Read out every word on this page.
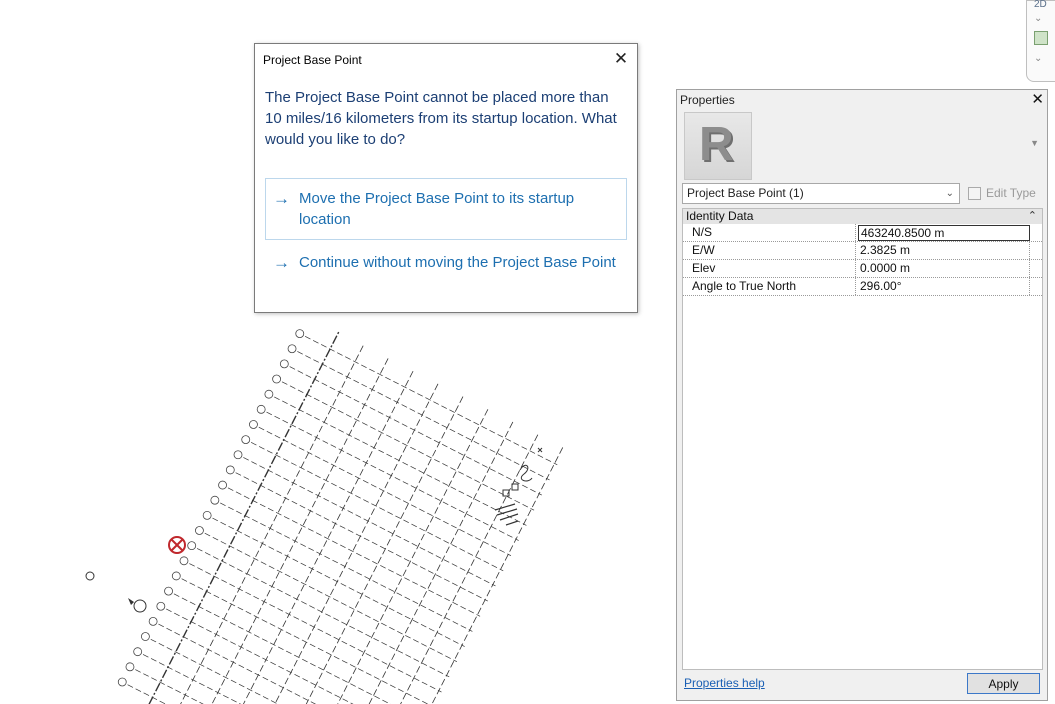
2D
⌄
⌄
Project Base Point	✕
The Project Base Point cannot be placed more than 10 miles/16 kilometers from its startup location. What would you like to do?
→ Move the Project Base Point to its startup location
→ Continue without moving the Project Base Point
Properties	✕
R	▼
Project Base Point (1)	⌄	Edit Type
Identity Data	⌃
N/S	463240.8500 m
E/W	2.3825 m
Elev	0.0000 m
Angle to True North	296.00°
Properties help	Apply
